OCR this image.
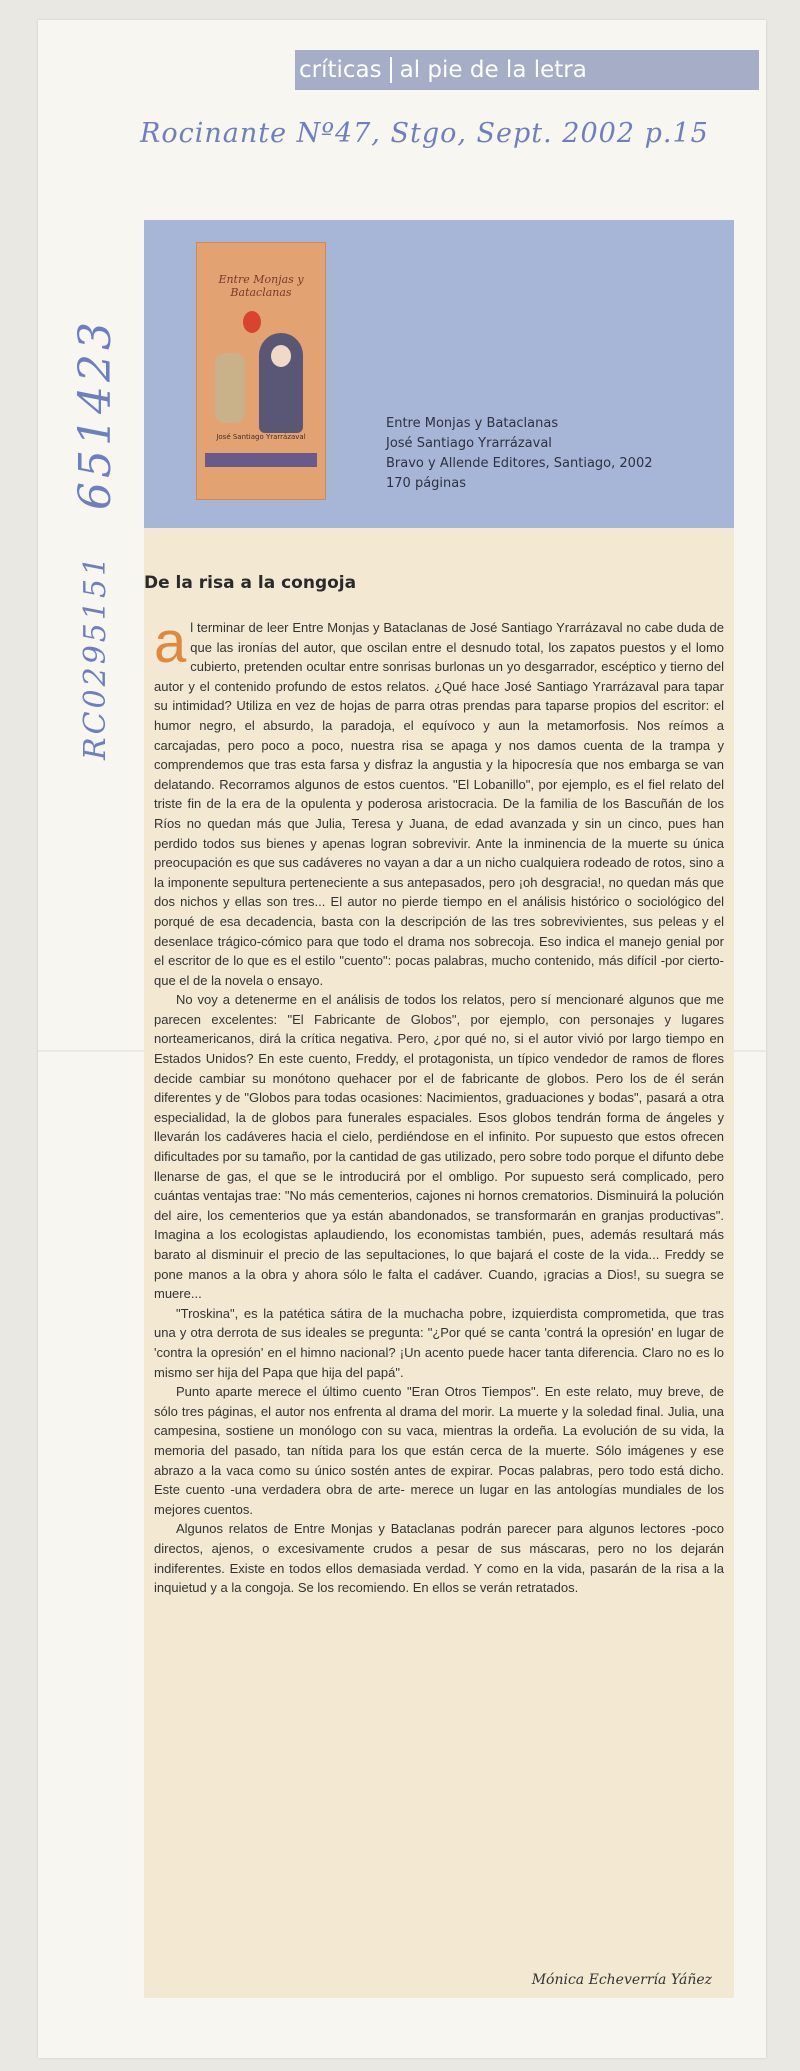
críticas al pie de la letra
Rocinante Nº47, Stgo, Sept. 2002 p.15
651423
RC0295151
Entre Monjas y Bataclanas
José Santiago Yrarrázaval
Entre Monjas y Bataclanas
José Santiago Yrarrázaval
Bravo y Allende Editores, Santiago, 2002
170 páginas
De la risa a la congoja

al terminar de leer Entre Monjas y Bataclanas de José Santiago Yrarrázaval no cabe duda de que las ironías del autor, que oscilan entre el desnudo total, los zapatos puestos y el lomo cubierto, pretenden ocultar entre sonrisas burlonas un yo desgarrador, escéptico y tierno del autor y el contenido profundo de estos relatos. ¿Qué hace José Santiago Yrarrázaval para tapar su intimidad? Utiliza en vez de hojas de parra otras prendas para taparse propios del escritor: el humor negro, el absurdo, la paradoja, el equívoco y aun la metamorfosis. Nos reímos a carcajadas, pero poco a poco, nuestra risa se apaga y nos damos cuenta de la trampa y comprendemos que tras esta farsa y disfraz la angustia y la hipocresía que nos embarga se van delatando. Recorramos algunos de estos cuentos. "El Lobanillo", por ejemplo, es el fiel relato del triste fin de la era de la opulenta y poderosa aristocracia. De la familia de los Bascuñán de los Ríos no quedan más que Julia, Teresa y Juana, de edad avanzada y sin un cinco, pues han perdido todos sus bienes y apenas logran sobrevivir. Ante la inminencia de la muerte su única preocupación es que sus cadáveres no vayan a dar a un nicho cualquiera rodeado de rotos, sino a la imponente sepultura perteneciente a sus antepasados, pero ¡oh desgracia!, no quedan más que dos nichos y ellas son tres... El autor no pierde tiempo en el análisis histórico o sociológico del porqué de esa decadencia, basta con la descripción de las tres sobrevivientes, sus peleas y el desenlace trágico-cómico para que todo el drama nos sobrecoja. Eso indica el manejo genial por el escritor de lo que es el estilo "cuento": pocas palabras, mucho contenido, más difícil -por cierto- que el de la novela o ensayo.

No voy a detenerme en el análisis de todos los relatos, pero sí mencionaré algunos que me parecen excelentes: "El Fabricante de Globos", por ejemplo, con personajes y lugares norteamericanos, dirá la crítica negativa. Pero, ¿por qué no, si el autor vivió por largo tiempo en Estados Unidos? En este cuento, Freddy, el protagonista, un típico vendedor de ramos de flores decide cambiar su monótono quehacer por el de fabricante de globos. Pero los de él serán diferentes y de "Globos para todas ocasiones: Nacimientos, graduaciones y bodas", pasará a otra especialidad, la de globos para funerales espaciales. Esos globos tendrán forma de ángeles y llevarán los cadáveres hacia el cielo, perdiéndose en el infinito. Por supuesto que estos ofrecen dificultades por su tamaño, por la cantidad de gas utilizado, pero sobre todo porque el difunto debe llenarse de gas, el que se le introducirá por el ombligo. Por supuesto será complicado, pero cuántas ventajas trae: "No más cementerios, cajones ni hornos crematorios. Disminuirá la polución del aire, los cementerios que ya están abandonados, se transformarán en granjas productivas". Imagina a los ecologistas aplaudiendo, los economistas también, pues, además resultará más barato al disminuir el precio de las sepultaciones, lo que bajará el coste de la vida... Freddy se pone manos a la obra y ahora sólo le falta el cadáver. Cuando, ¡gracias a Dios!, su suegra se muere...

"Troskina", es la patética sátira de la muchacha pobre, izquierdista comprometida, que tras una y otra derrota de sus ideales se pregunta: "¿Por qué se canta 'contrá la opresión' en lugar de 'contra la opresión' en el himno nacional? ¡Un acento puede hacer tanta diferencia. Claro no es lo mismo ser hija del Papa que hija del papá".

Punto aparte merece el último cuento "Eran Otros Tiempos". En este relato, muy breve, de sólo tres páginas, el autor nos enfrenta al drama del morir. La muerte y la soledad final. Julia, una campesina, sostiene un monólogo con su vaca, mientras la ordeña. La evolución de su vida, la memoria del pasado, tan nítida para los que están cerca de la muerte. Sólo imágenes y ese abrazo a la vaca como su único sostén antes de expirar. Pocas palabras, pero todo está dicho. Este cuento -una verdadera obra de arte- merece un lugar en las antologías mundiales de los mejores cuentos.

Algunos relatos de Entre Monjas y Bataclanas podrán parecer para algunos lectores -poco directos, ajenos, o excesivamente crudos a pesar de sus máscaras, pero no los dejarán indiferentes. Existe en todos ellos demasiada verdad. Y como en la vida, pasarán de la risa a la inquietud y a la congoja. Se los recomiendo. En ellos se verán retratados.

Mónica Echeverría Yáñez
